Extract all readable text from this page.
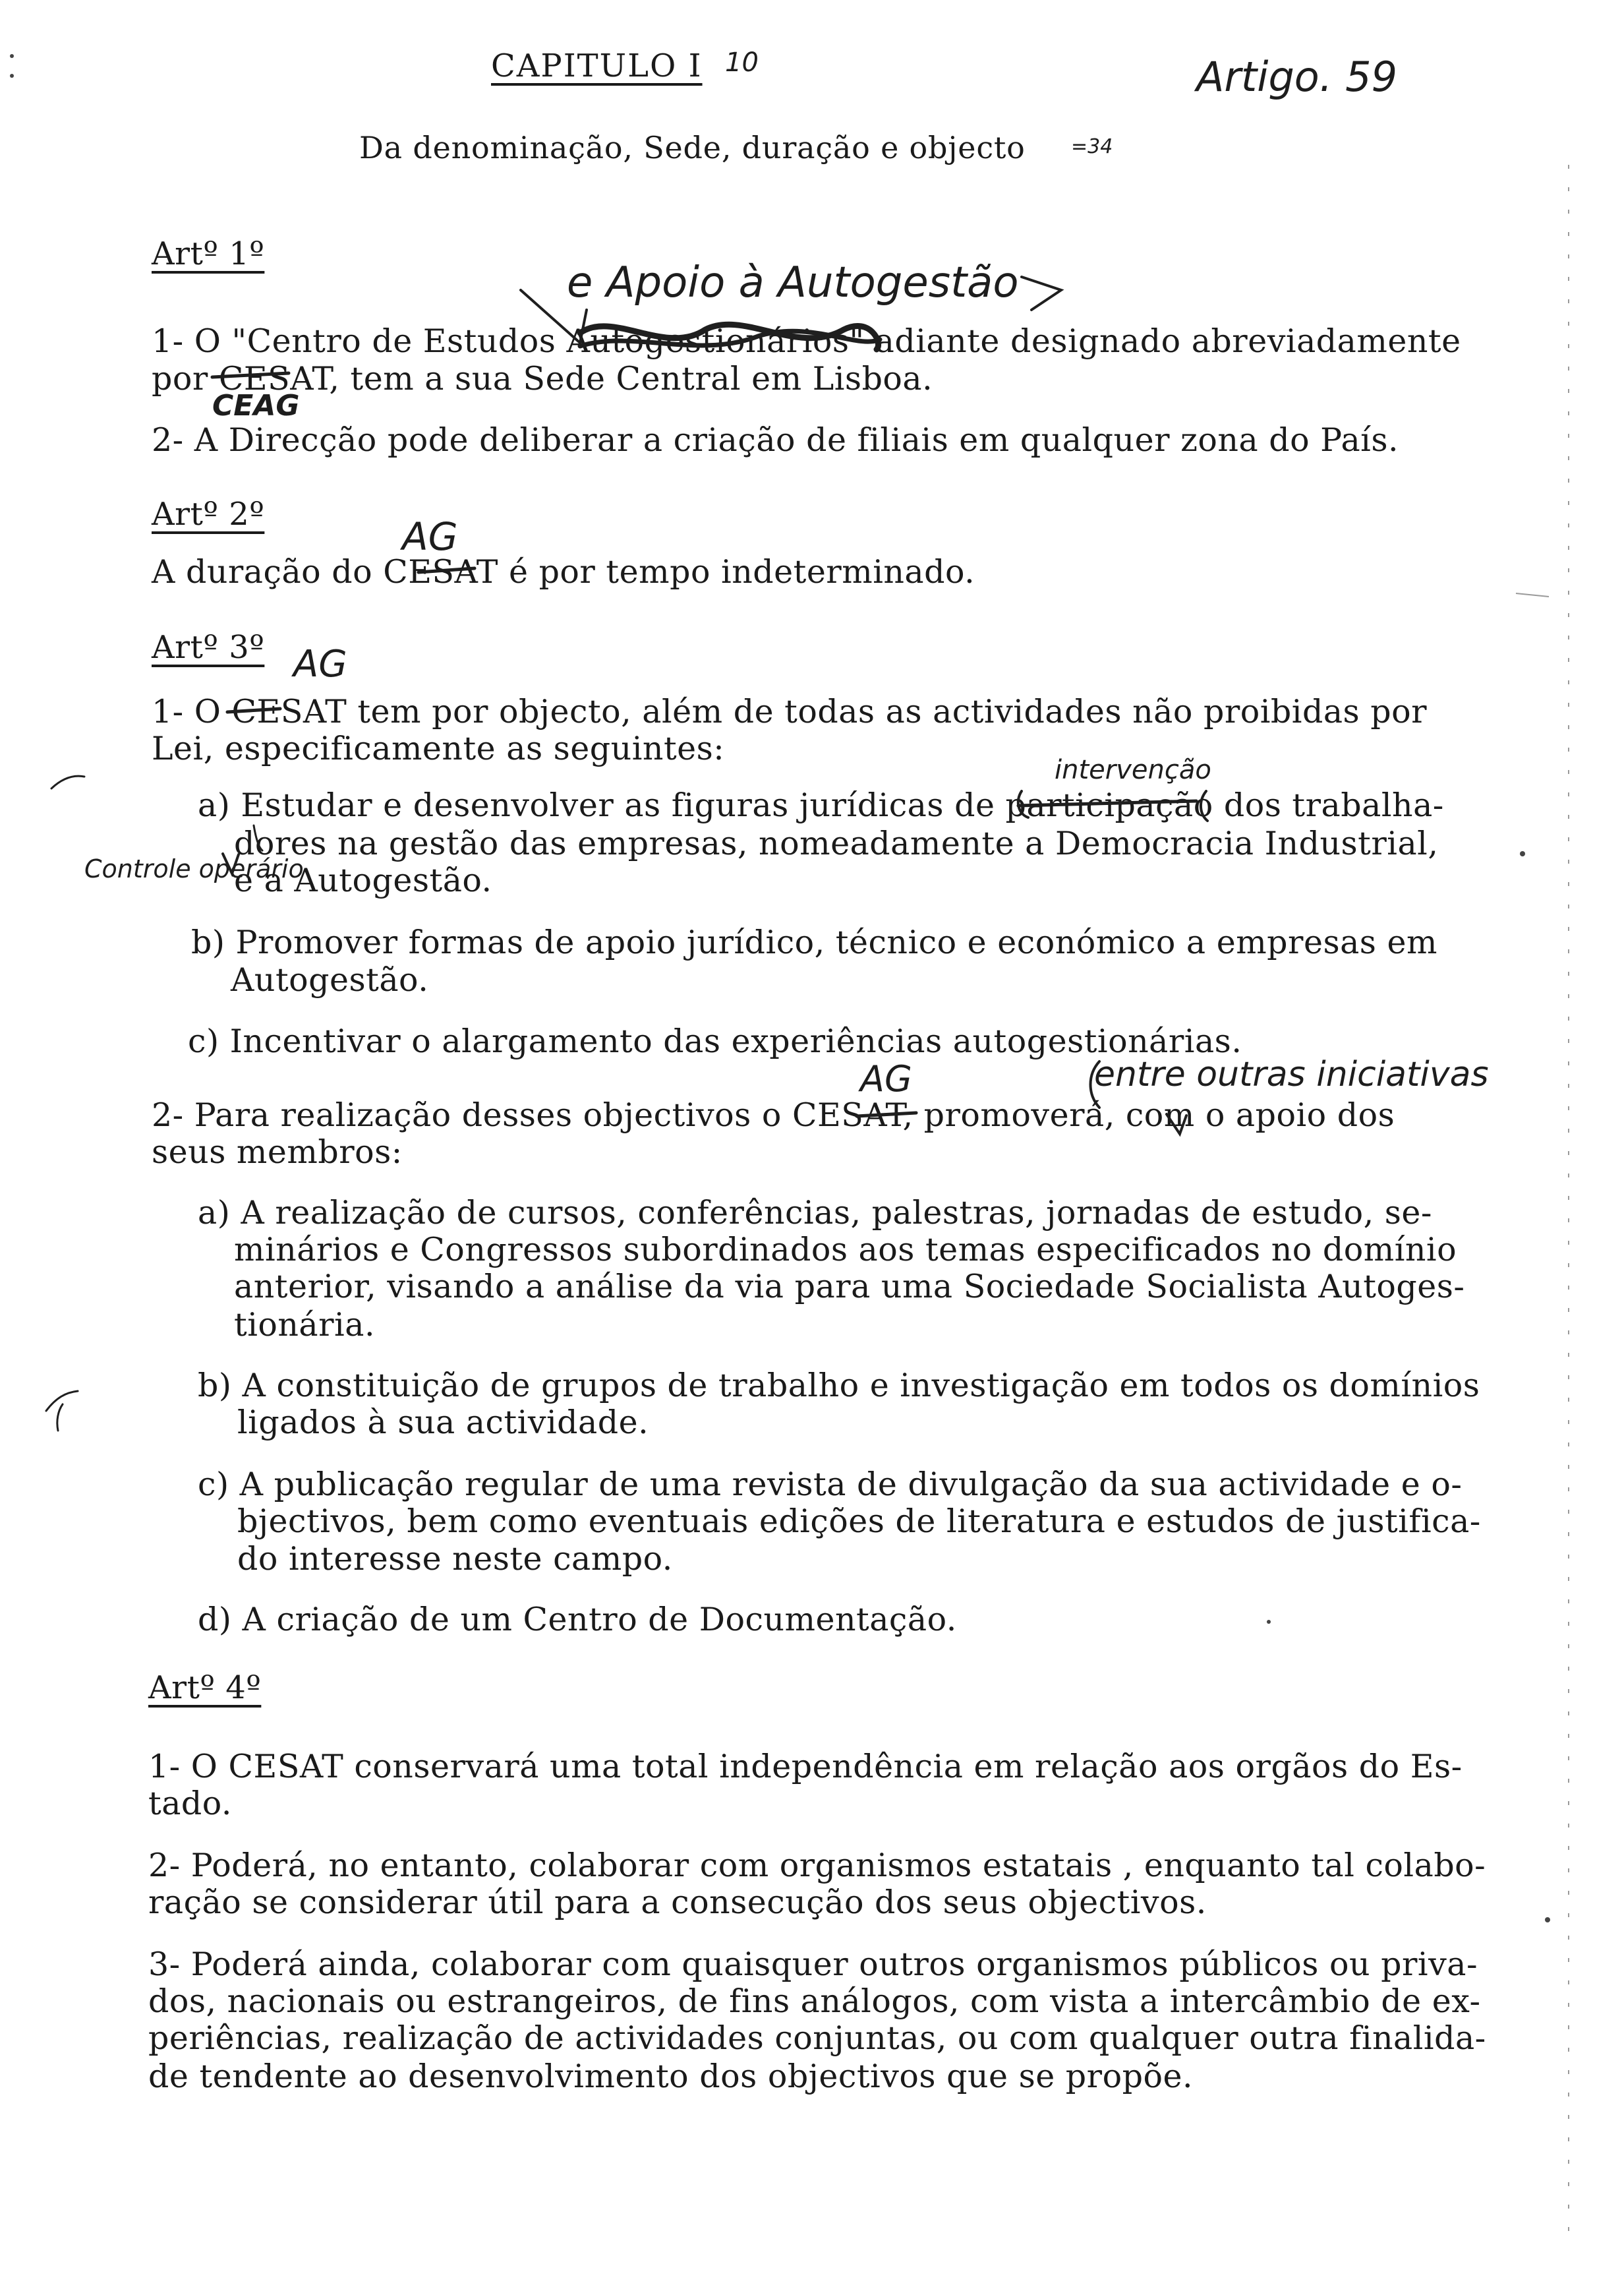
CAPITULO I 10	Artigo. 59
Da denominação, Sede, duração e objecto =34
Artº 1º
e Apoio à Autogestão
1- O "Centro de Estudos Autogestionários" adiante designado abreviadamente
por CESAT, tem a sua Sede Central em Lisboa.
CEAG
2- A Direcção pode deliberar a criação de filiais em qualquer zona do País.
Artº 2º	AG
A duração do CESAT é por tempo indeterminado.
Artº 3º AG
1- O CESAT tem por objecto, além de todas as actividades não proibidas por
Lei, especificamente as seguintes:
intervenção
a) Estudar e desenvolver as figuras jurídicas de participação dos trabalha-
dores na gestão das empresas, nomeadamente a Democracia Industrial,
Controle operário
e a Autogestão.
b) Promover formas de apoio jurídico, técnico e económico a empresas em
Autogestão.
c) Incentivar o alargamento das experiências autogestionárias.
entre outras iniciativas
AG
2- Para realização desses objectivos o CESAT, promoverá, com o apoio dos
seus membros:
a) A realização de cursos, conferências, palestras, jornadas de estudo, se-
minários e Congressos subordinados aos temas especificados no domínio
anterior, visando a análise da via para uma Sociedade Socialista Autoges-
tionária.
b) A constituição de grupos de trabalho e investigação em todos os domínios
ligados à sua actividade.
c) A publicação regular de uma revista de divulgação da sua actividade e o-
bjectivos, bem como eventuais edições de literatura e estudos de justifica-
do interesse neste campo.
d) A criação de um Centro de Documentação.
Artº 4º
1- O CESAT conservará uma total independência em relação aos orgãos do Es-
tado.
2- Poderá, no entanto, colaborar com organismos estatais , enquanto tal colabo-
ração se considerar útil para a consecução dos seus objectivos.
3- Poderá ainda, colaborar com quaisquer outros organismos públicos ou priva-
dos, nacionais ou estrangeiros, de fins análogos, com vista a intercâmbio de ex-
periências, realização de actividades conjuntas, ou com qualquer outra finalida-
de tendente ao desenvolvimento dos objectivos que se propõe.
